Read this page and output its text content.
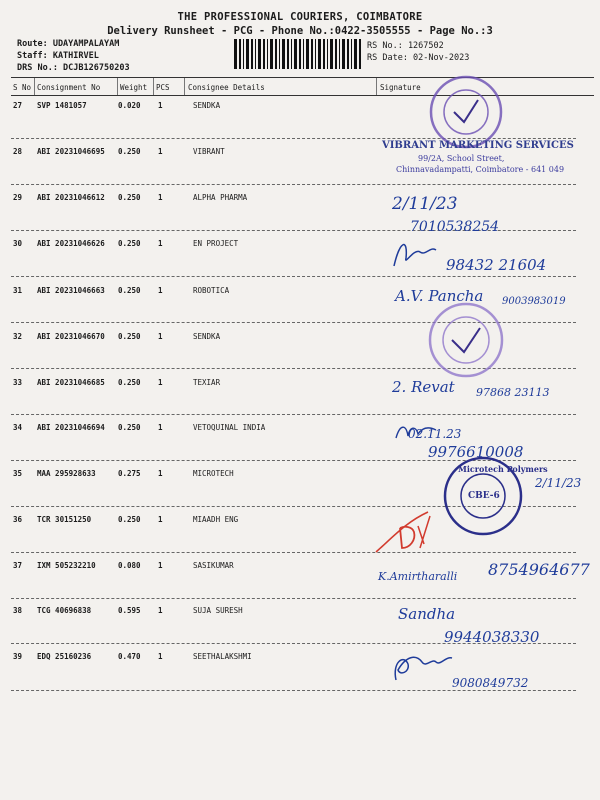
THE PROFESSIONAL COURIERS, COIMBATORE
Delivery Runsheet - PCG - Phone No.:0422-3505555 - Page No.:3
Route: UDAYAMPALAYAM
Staff: KATHIRVEL
DRS No.: DCJB126750203
RS No.: 1267502
RS Date: 02-Nov-2023
S No Consignment No	Weight PCS Consignee Details	Signature
27 SVP 1481057	0.020 1	SENDKA
28 ABI 20231046695 0.250 1	VIBRANT
29 ABI 20231046612 0.250 1	ALPHA PHARMA
30 ABI 20231046626 0.250 1	EN PROJECT
31 ABI 20231046663 0.250 1	ROBOTICA
32 ABI 20231046670 0.250 1	SENDKA
33 ABI 20231046685 0.250 1	TEXIAR
34 ABI 20231046694 0.250 1	VETOQUINAL INDIA
35 MAA 295928633	0.275 1	MICROTECH
36 TCR 30151250	0.250 1	MIAADH ENG
37 IXM 505232210	0.080 1	SASIKUMAR
38 TCG 40696838	0.595 1	SUJA SURESH
39 EDQ 25160236	0.470 1	SEETHALAKSHMI
VIBRANT MARKETING SERVICES
99/2A, School Street,
Chinnavadampatti, Coimbatore - 641 049
2/11/23
7010538254
98432 21604
A.V. Pancha 9003983019
2. Revat 97868 23113
02.11.23
9976610008
Microtech Polymers
CBE-6
2/11/23
K.Amirtharalli 8754964677
Sandha
9944038330
9080849732
